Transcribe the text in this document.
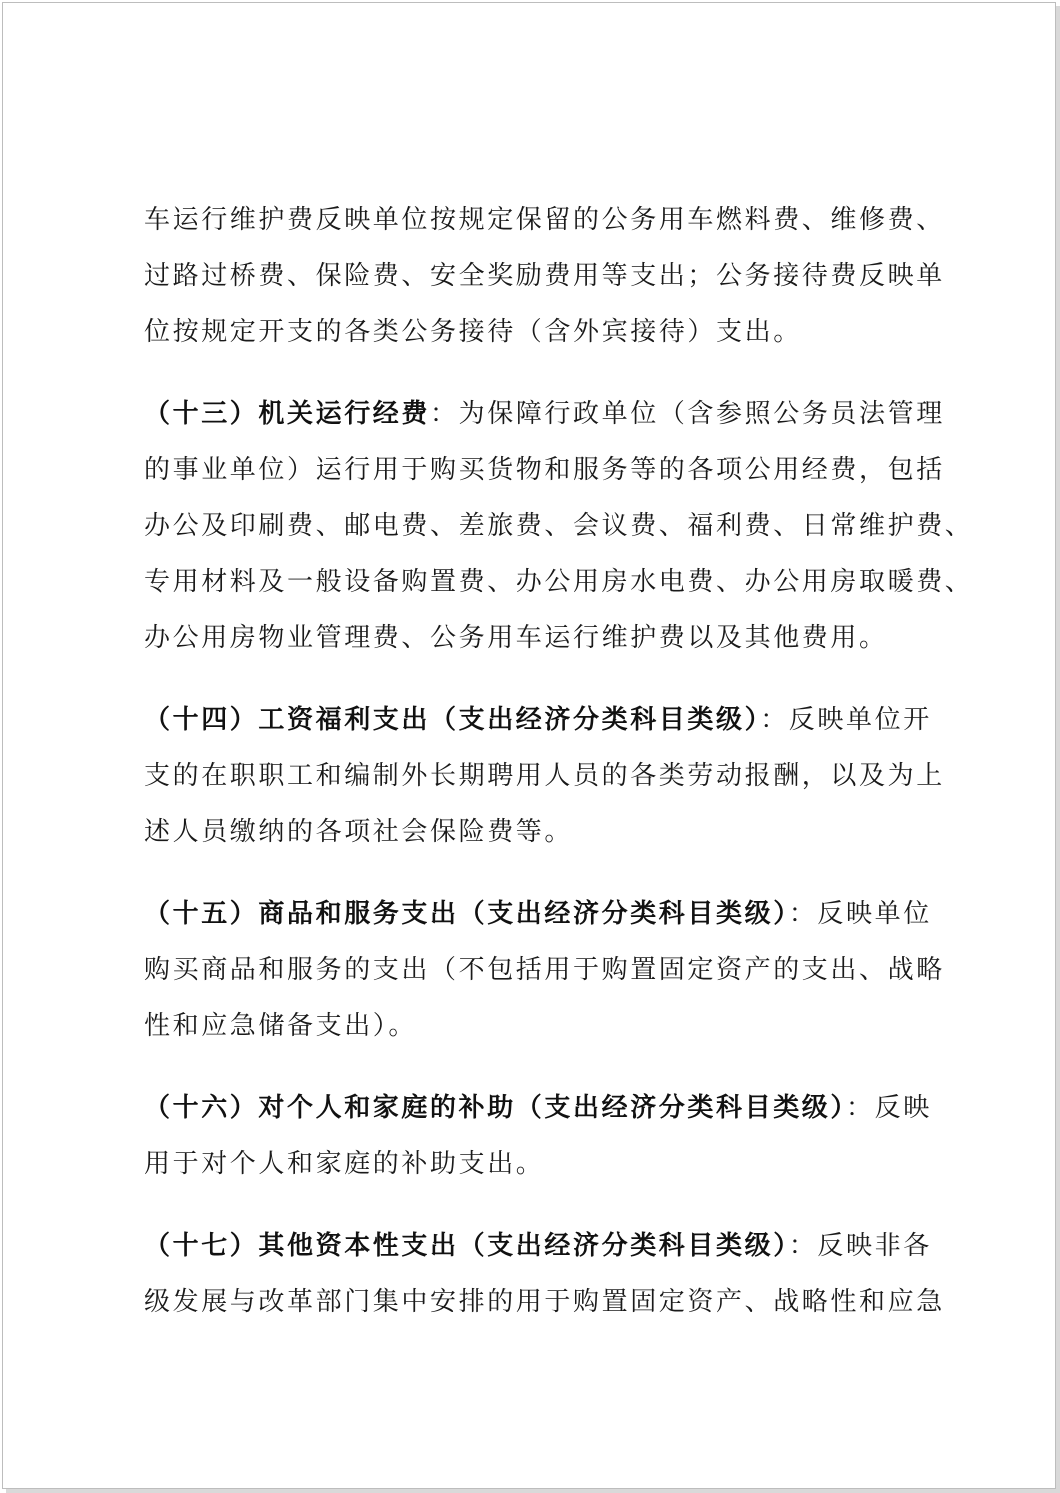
车运行维护费反映单位按规定保留的公务用车燃料费、维修费、
过路过桥费、保险费、安全奖励费用等支出；公务接待费反映单
位按规定开支的各类公务接待（含外宾接待）支出。

（十三）机关运行经费：为保障行政单位（含参照公务员法管理
的事业单位）运行用于购买货物和服务等的各项公用经费，包括
办公及印刷费、邮电费、差旅费、会议费、福利费、日常维护费、
专用材料及一般设备购置费、办公用房水电费、办公用房取暖费、
办公用房物业管理费、公务用车运行维护费以及其他费用。

（十四）工资福利支出（支出经济分类科目类级）：反映单位开
支的在职职工和编制外长期聘用人员的各类劳动报酬，以及为上
述人员缴纳的各项社会保险费等。

（十五）商品和服务支出（支出经济分类科目类级）：反映单位
购买商品和服务的支出（不包括用于购置固定资产的支出、战略
性和应急储备支出）。

（十六）对个人和家庭的补助（支出经济分类科目类级）：反映
用于对个人和家庭的补助支出。

（十七）其他资本性支出（支出经济分类科目类级）：反映非各
级发展与改革部门集中安排的用于购置固定资产、战略性和应急
